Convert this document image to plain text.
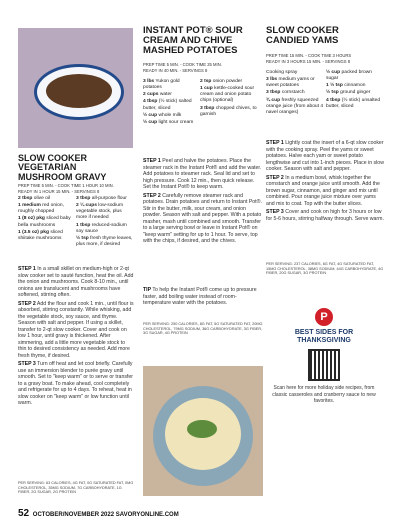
SLOW COOKER VEGETARIAN MUSHROOM GRAVY
PREP TIME 5 MIN. - COOK TIME 1 HOUR 10 MIN.
READY IN 1 HOUR 15 MIN. - SERVINGS 8
2 tbsp olive oil
1 medium red onion, roughly chopped
1 (8 oz) pkg sliced baby bella mushrooms
1 (3.5 oz) pkg sliced shiitake mushrooms
3 tbsp all-purpose flour
2 ¼ cups low-sodium vegetable stock, plus more if needed
1 tbsp reduced-sodium soy sauce
½ tsp fresh thyme leaves, plus more, if desired

STEP 1 In a small skillet on medium-high or 2-qt slow cooker set to sauté function, heat the oil. Add the onion and mushrooms. Cook 8-10 min., until onions are translucent and mushrooms have softened, stirring often.

STEP 2 Add the flour and cook 1 min., until flour is absorbed, stirring constantly. While whisking, add the vegetable stock, soy sauce, and thyme. Season with salt and pepper. If using a skillet, transfer to 2-qt slow cooker. Cover and cook on low 1 hour, until gravy is thickened. After simmering, add a little more vegetable stock to thin to desired consistency as needed. Add more fresh thyme, if desired.

STEP 3 Turn off heat and let cool briefly. Carefully use an immersion blender to purée gravy until smooth. Set to "keep warm" or to serve or transfer to a gravy boat. To make ahead, cool completely and refrigerate for up to 4 days. To reheat, heat in slow cooker on "keep warm" or low function until warm.

PER SERVING: 63 CALORIES, 4G FAT, 0G SATURATED FAT, 0MG CHOLESTEROL, 35MG SODIUM, 7G CARBOHYDRATE, 1G FIBER, 2G SUGAR, 2G PROTEIN
INSTANT POT® SOUR CREAM AND CHIVE MASHED POTATOES
PREP TIME 5 MIN. - COOK TIME 25 MIN.
READY IN 40 MIN. - SERVINGS 8
3 lbs Yukon gold potatoes
2 cups water
4 tbsp (½ stick) salted butter, sliced
½ cup whole milk
½ cup light sour cream
2 tsp onion powder
1 cup kettle-cooked sour cream and onion potato chips (optional)
3 tbsp chopped chives, to garnish

STEP 1 Peel and halve the potatoes. Place the steamer rack in the Instant Pot® and add the water. Add potatoes to steamer rack. Seal lid and set to high pressure. Cook 12 min., then quick release. Set the Instant Pot® to keep warm.

STEP 2 Carefully remove steamer rack and potatoes. Drain potatoes and return to Instant Pot®. Stir in the butter, milk, sour cream, and onion powder. Season with salt and pepper. With a potato masher, mash until combined and smooth. Transfer to a large serving bowl or leave in Instant Pot® on "keep warm" setting for up to 1 hour. To serve, top with the chips, if desired, and the chives.

TIP To help the Instant Pot® come up to pressure faster, add boiling water instead of room-temperature water with the potatoes.
PER SERVING: 250 CALORIES, 8G FAT, 5G SATURATED FAT, 20MG CHOLESTEROL, 79MG SODIUM, 36G CARBOHYDRATE, 3G FIBER, 3G SUGAR, 4G PROTEIN
SLOW COOKER CANDIED YAMS
PREP TIME 15 MIN. - COOK TIME 3 HOURS
READY IN 3 HOURS 15 MIN. - SERVINGS 8
Cooking spray
3 lbs medium yams or sweet potatoes
3 tbsp cornstarch
¾ cup freshly squeezed orange juice (from about 4 navel oranges)
½ cup packed brown sugar
1 ½ tsp cinnamon
½ tsp ground ginger
4 tbsp (½ stick) unsalted butter, sliced

STEP 1 Lightly coat the insert of a 6-qt slow cooker with the cooking spray. Peel the yams or sweet potatoes. Halve each yam or sweet potato lengthwise and cut into 1-inch pieces. Place in slow cooker. Season with salt and pepper.

STEP 2 In a medium bowl, whisk together the cornstarch and orange juice until smooth. Add the brown sugar, cinnamon, and ginger and mix until combined. Pour orange juice mixture over yams and mix to coat. Top with the butter slices.

STEP 3 Cover and cook on high for 3 hours or low for 5-6 hours, stirring halfway through. Serve warm.

PER SERVING: 237 CALORIES, 6G FAT, 4G SATURATED FAT, 15MG CHOLESTEROL, 38MG SODIUM, 44G CARBOHYDRATE, 4G FIBER, 20G SUGAR, 3G PROTEIN
P
BEST SIDES FOR THANKSGIVING
Scan here for more holiday side recipes, from classic casseroles and cranberry sauce to new favorites.
52 OCTOBER/NOVEMBER 2022 SAVORYONLINE.COM
